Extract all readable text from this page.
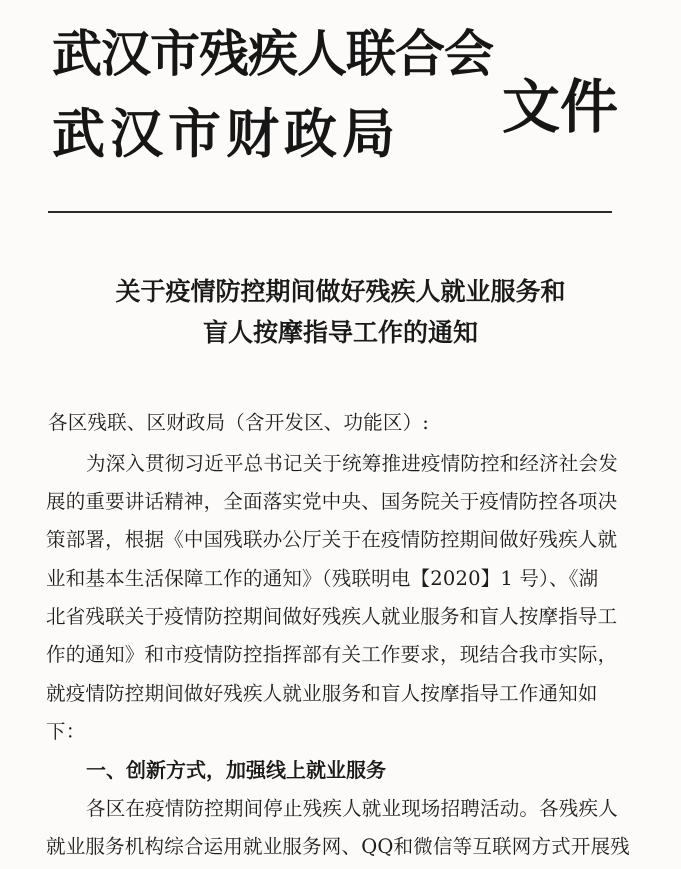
武汉市残疾人联合会
武汉市财政局 文件
关于疫情防控期间做好残疾人就业服务和
盲人按摩指导工作的通知
各区残联、区财政局（含开发区、功能区）:
为深入贯彻习近平总书记关于统筹推进疫情防控和经济社会发
展的重要讲话精神，全面落实党中央、国务院关于疫情防控各项决
策部署，根据《中国残联办公厅关于在疫情防控期间做好残疾人就
业和基本生活保障工作的通知》（残联明电【2020】1 号）、《湖
北省残联关于疫情防控期间做好残疾人就业服务和盲人按摩指导工
作的通知》和市疫情防控指挥部有关工作要求，现结合我市实际，
就疫情防控期间做好残疾人就业服务和盲人按摩指导工作通知如
下：
一、创新方式，加强线上就业服务
各区在疫情防控期间停止残疾人就业现场招聘活动。各残疾人
就业服务机构综合运用就业服务网、QQ和微信等互联网方式开展残
